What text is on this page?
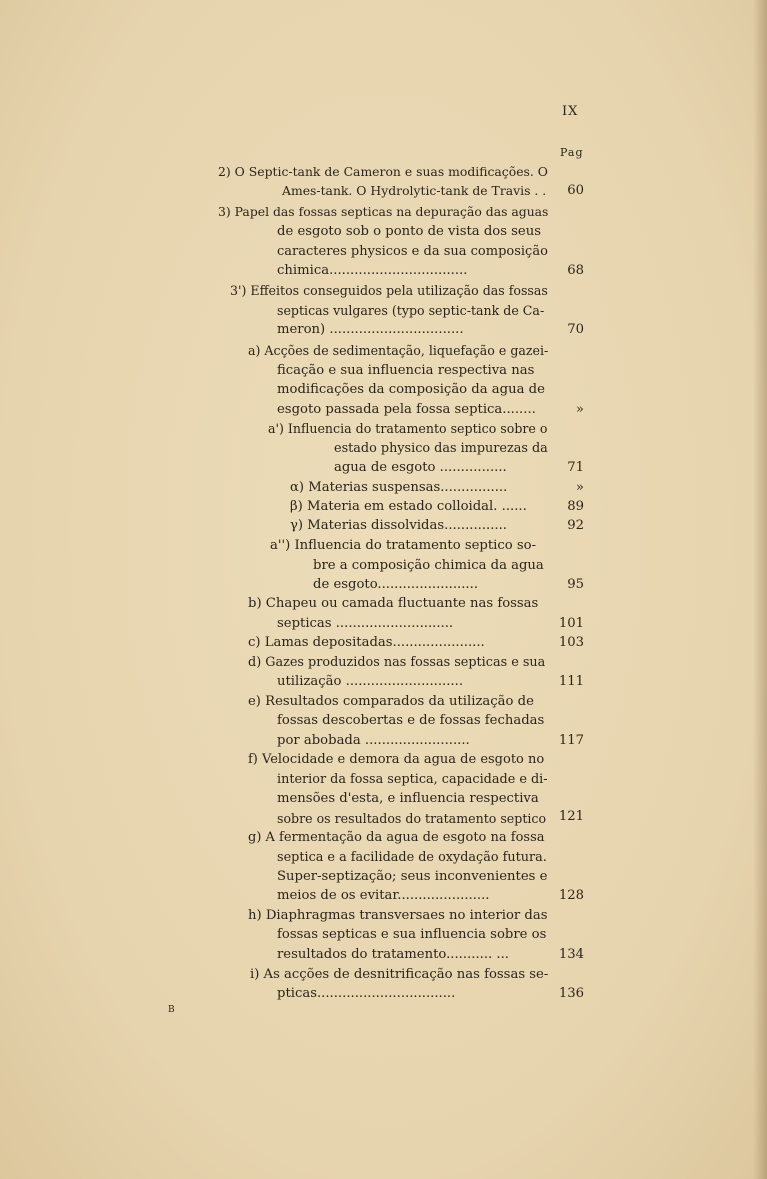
IX
Pag
2) O Septic-tank de Cameron e suas modificações. O
Ames-tank. O Hydrolytic-tank de Travis . .	60
3) Papel das fossas septicas na depuração das aguas
de esgoto sob o ponto de vista dos seus
caracteres physicos e da sua composição
chimica.................................	68
3') Effeitos conseguidos pela utilização das fossas
septicas vulgares (typo septic-tank de Ca-
meron) ................................	70
a) Acções de sedimentação, liquefação e gazei-
ficação e sua influencia respectiva nas
modificações da composição da agua de
esgoto passada pela fossa septica........	»
a') Influencia do tratamento septico sobre o
estado physico das impurezas da
agua de esgoto ................	71
α) Materias suspensas................	»
β) Materia em estado colloidal. ......	89
γ) Materias dissolvidas...............	92
a'') Influencia do tratamento septico so-
bre a composição chimica da agua
de esgoto........................	95
b) Chapeu ou camada fluctuante nas fossas
septicas ............................	101
c) Lamas depositadas......................	103
d) Gazes produzidos nas fossas septicas e sua
utilização ............................	111
e) Resultados comparados da utilização de
fossas descobertas e de fossas fechadas
por abobada .........................	117
f) Velocidade e demora da agua de esgoto no
interior da fossa septica, capacidade e di-
mensões d'esta, e influencia respectiva
sobre os resultados do tratamento septico 121
g) A fermentação da agua de esgoto na fossa
septica e a facilidade de oxydação futura.
Super-septização; seus inconvenientes e
meios de os evitar......................	128
h) Diaphragmas transversaes no interior das
fossas septicas e sua influencia sobre os
resultados do tratamento........... ...	134
i) As acções de desnitrificação nas fossas se-
pticas.................................	136
B
